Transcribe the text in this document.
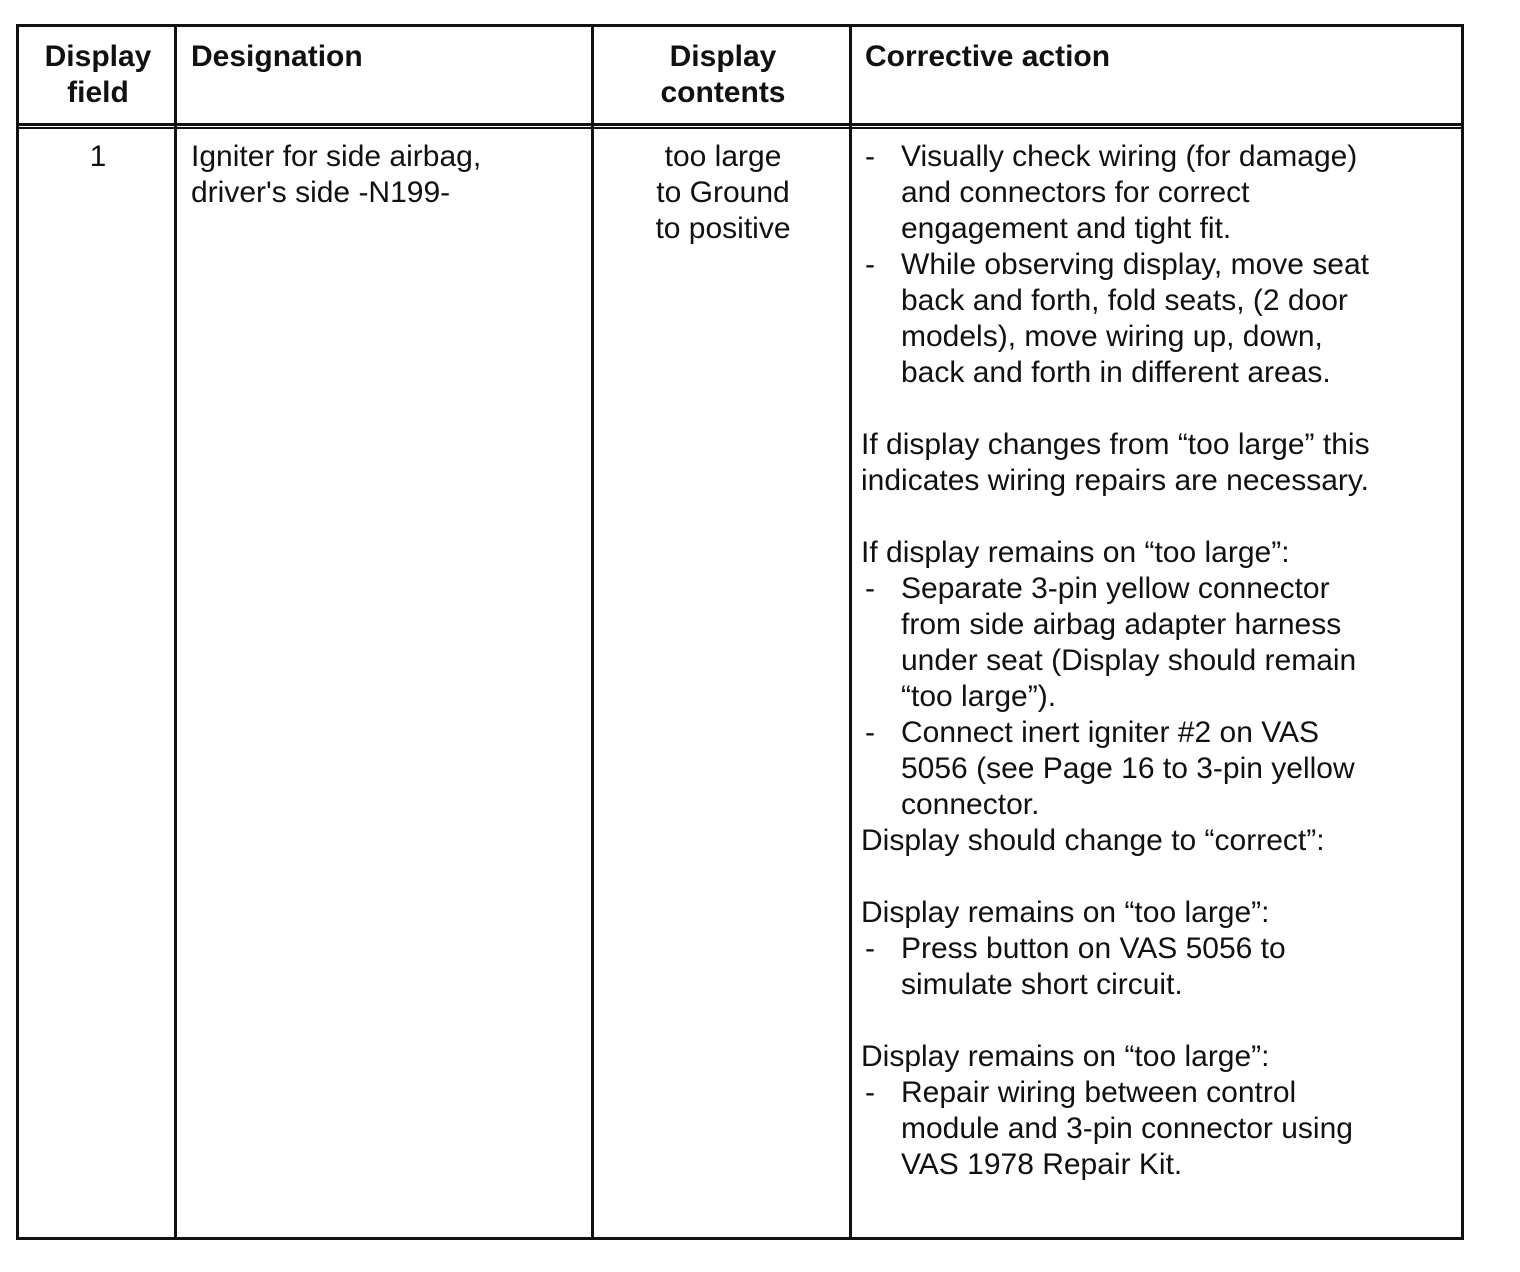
Display
field
Designation	Display
contents
Corrective action
1	Igniter for side airbag,
driver's side -N199-
too large
to Ground
to positive
- Visually check wiring (for damage)
and connectors for correct
engagement and tight fit.
- While observing display, move seat
back and forth, fold seats, (2 door
models), move wiring up, down,
back and forth in different areas.
If display changes from “too large” this
indicates wiring repairs are necessary.
If display remains on “too large”:
- Separate 3-pin yellow connector
from side airbag adapter harness
under seat (Display should remain
“too large”).
- Connect inert igniter #2 on VAS
5056 (see Page 16 to 3-pin yellow
connector.
Display should change to “correct”:
Display remains on “too large”:
- Press button on VAS 5056 to
simulate short circuit.
Display remains on “too large”:
- Repair wiring between control
module and 3-pin connector using
VAS 1978 Repair Kit.
